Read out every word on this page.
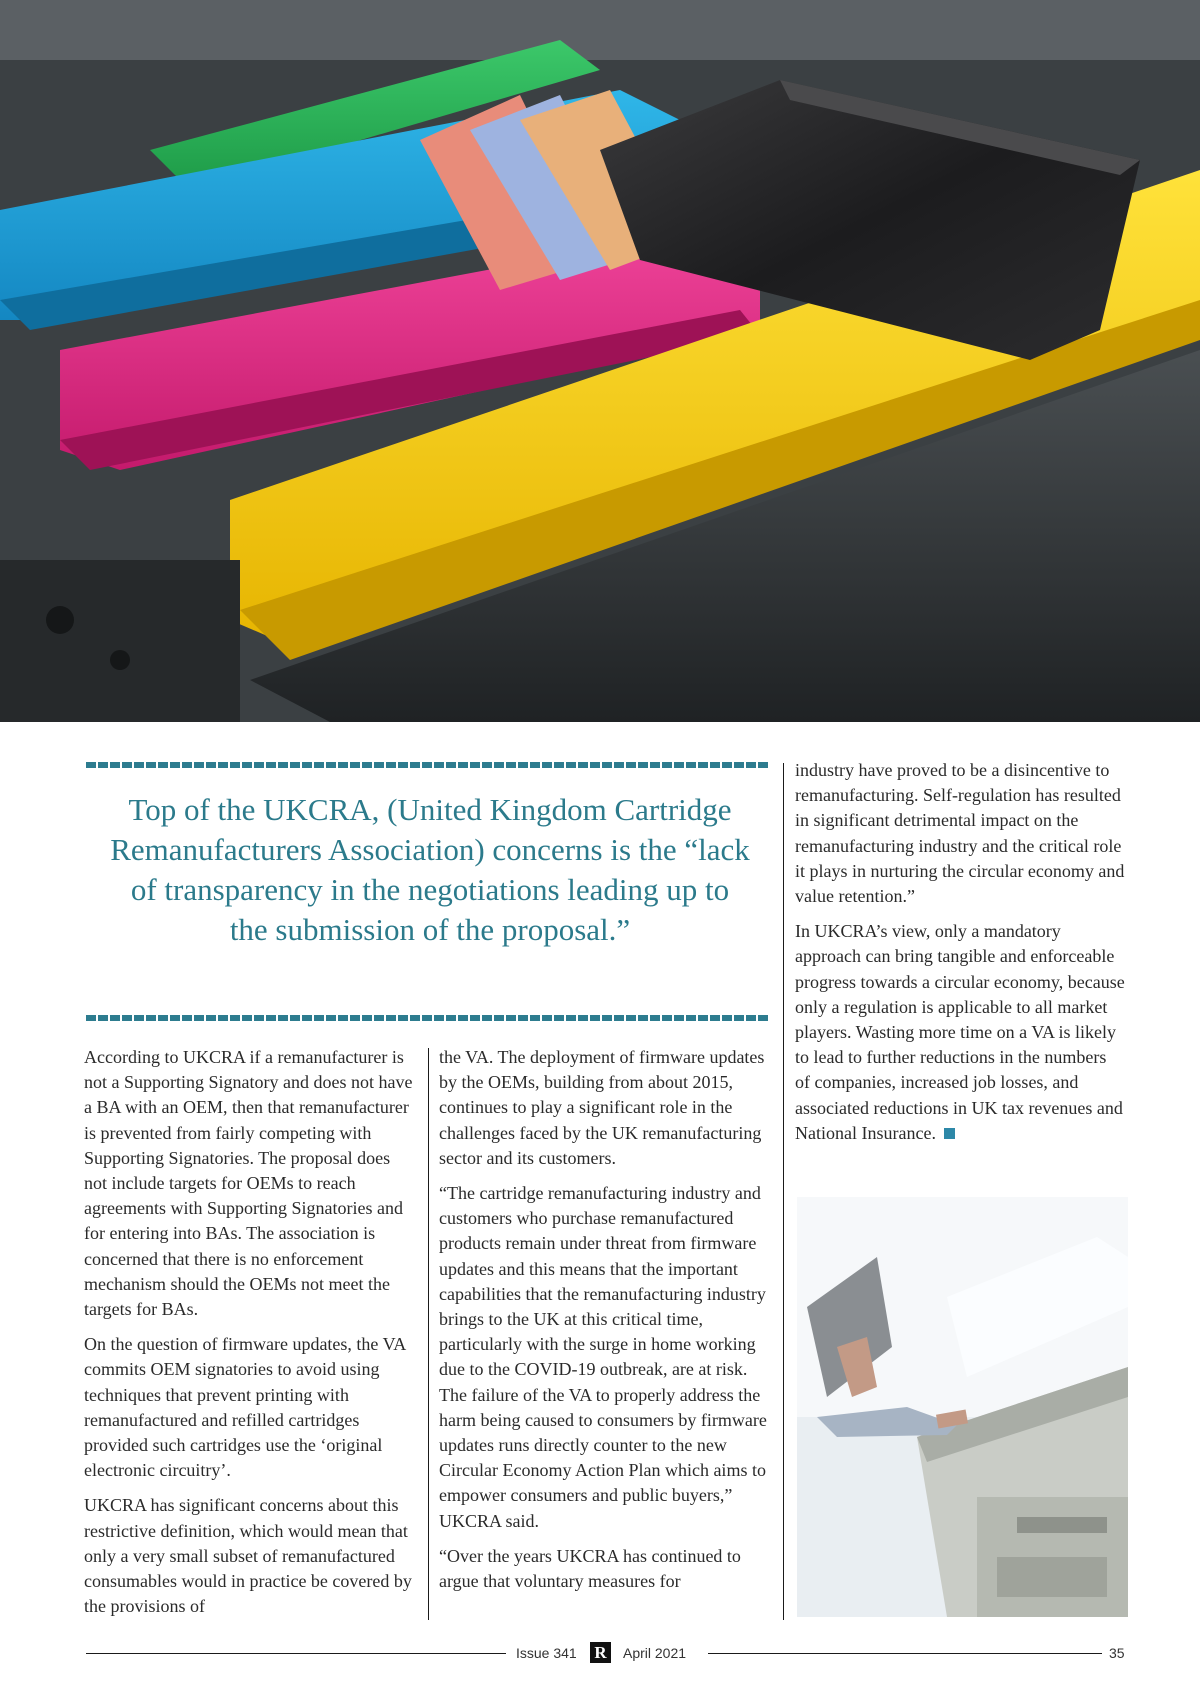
Top of the UKCRA, (United Kingdom Cartridge Remanufacturers Association) concerns is the “lack of transparency in the negotiations leading up to the submission of the proposal.”

According to UKCRA if a remanufacturer is not a Supporting Signatory and does not have a BA with an OEM, then that remanufacturer is prevented from fairly competing with Supporting Signatories. The proposal does not include targets for OEMs to reach agreements with Supporting Signatories and for entering into BAs. The association is concerned that there is no enforcement mechanism should the OEMs not meet the targets for BAs.

On the question of firmware updates, the VA commits OEM signatories to avoid using techniques that prevent printing with remanufactured and refilled cartridges provided such cartridges use the ‘original electronic circuitry’.

UKCRA has significant concerns about this restrictive definition, which would mean that only a very small subset of remanufactured consumables would in practice be covered by the provisions of

the VA. The deployment of firmware updates by the OEMs, building from about 2015, continues to play a significant role in the challenges faced by the UK remanufacturing sector and its customers.

“The cartridge remanufacturing industry and customers who purchase remanufactured products remain under threat from firmware updates and this means that the important capabilities that the remanufacturing industry brings to the UK at this critical time, particularly with the surge in home working due to the COVID-19 outbreak, are at risk. The failure of the VA to properly address the harm being caused to consumers by firmware updates runs directly counter to the new Circular Economy Action Plan which aims to empower consumers and public buyers,” UKCRA said.

“Over the years UKCRA has continued to argue that voluntary measures for

industry have proved to be a disincentive to remanufacturing. Self-regulation has resulted in significant detrimental impact on the remanufacturing industry and the critical role it plays in nurturing the circular economy and value retention.”

In UKCRA’s view, only a mandatory approach can bring tangible and enforceable progress towards a circular economy, because only a regulation is applicable to all market players. Wasting more time on a VA is likely to lead to further reductions in the numbers of companies, increased job losses, and associated reductions in UK tax revenues and National Insurance.

Issue 341 R	April 2021	35
